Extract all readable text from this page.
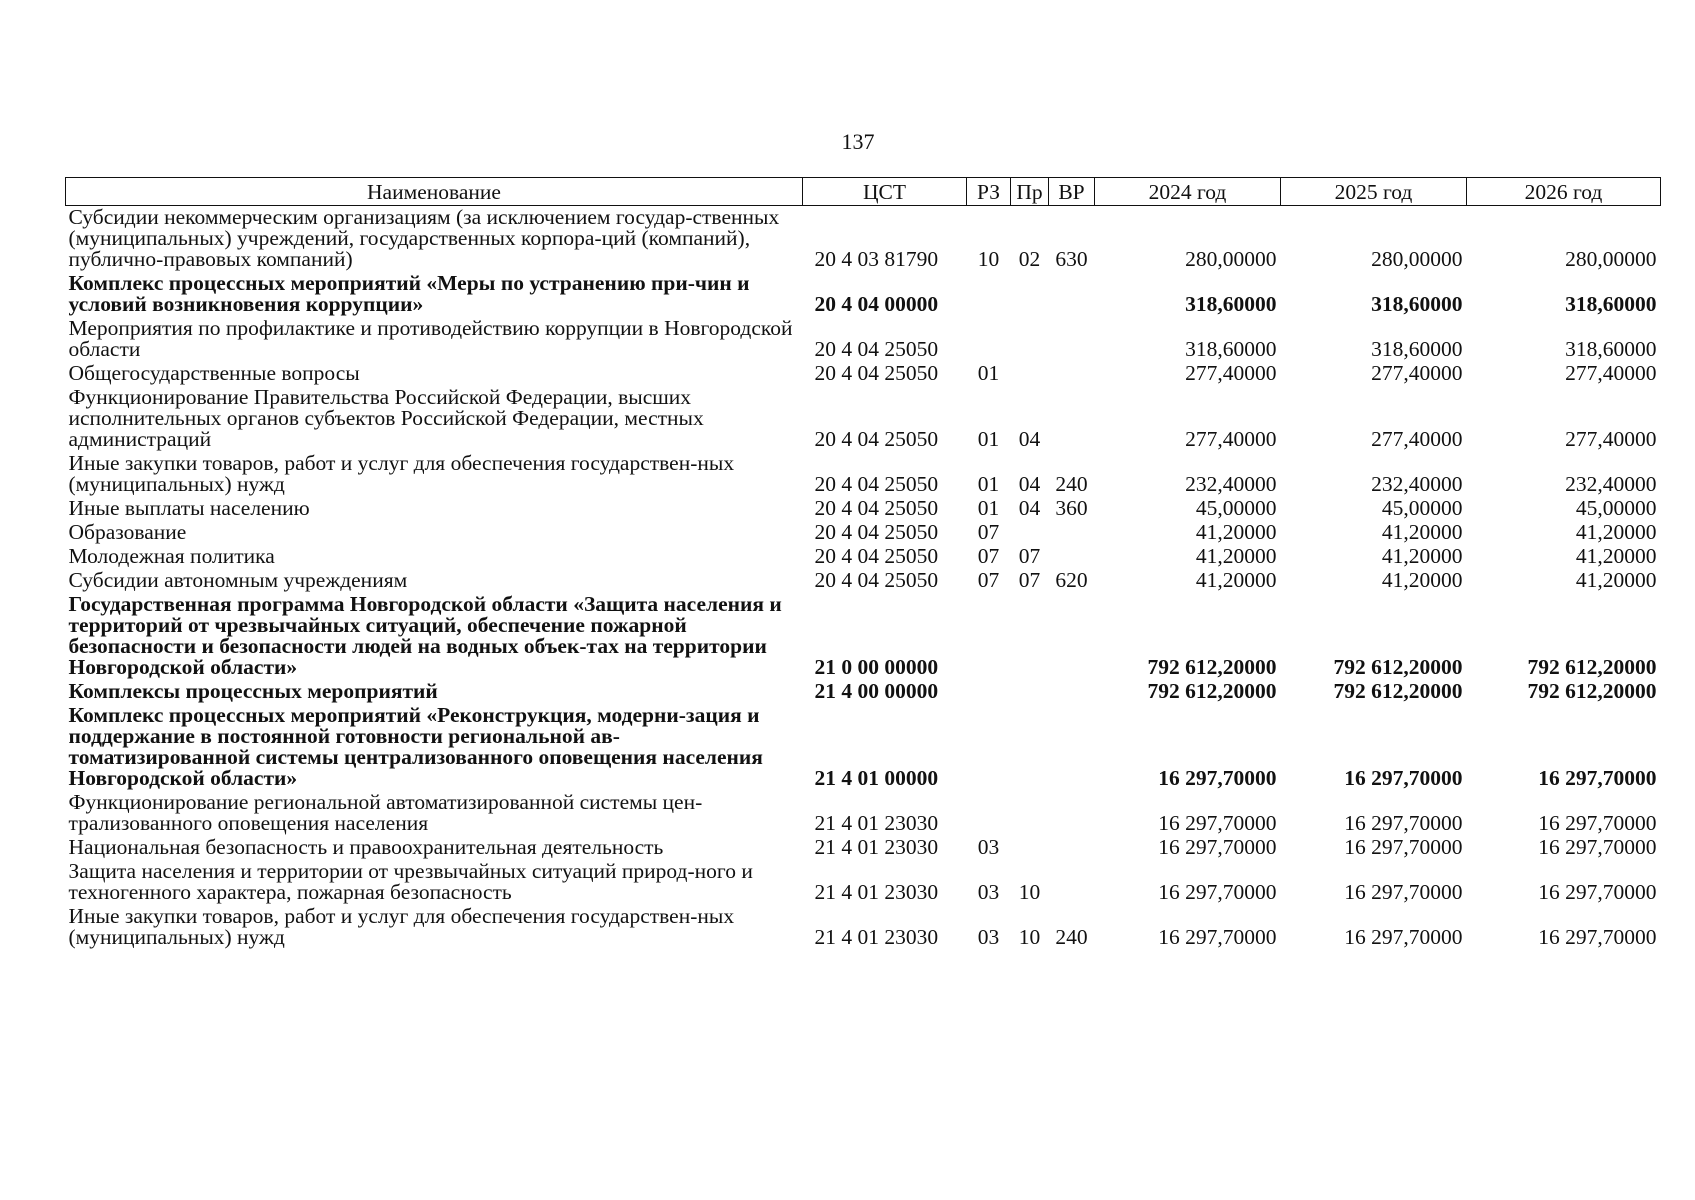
137
Наименование	ЦСТ	РЗ	Пр	ВР	2024 год	2025 год	2026 год
Субсидии некоммерческим организациям (за исключением государ-ственных (муниципальных) учреждений, государственных корпора-ций (компаний), публично-правовых компаний)	20 4 03 81790	10	02	630	280,00000	280,00000	280,00000
Комплекс процессных мероприятий «Меры по устранению при-чин и условий возникновения коррупции»	20 4 04 00000				318,60000	318,60000	318,60000
Мероприятия по профилактике и противодействию коррупции в Новгородской области	20 4 04 25050				318,60000	318,60000	318,60000
Общегосударственные вопросы	20 4 04 25050	01			277,40000	277,40000	277,40000
Функционирование Правительства Российской Федерации, высших исполнительных органов субъектов Российской Федерации, местных администраций	20 4 04 25050	01	04		277,40000	277,40000	277,40000
Иные закупки товаров, работ и услуг для обеспечения государствен-ных (муниципальных) нужд	20 4 04 25050	01	04	240	232,40000	232,40000	232,40000
Иные выплаты населению	20 4 04 25050	01	04	360	45,00000	45,00000	45,00000
Образование	20 4 04 25050	07			41,20000	41,20000	41,20000
Молодежная политика	20 4 04 25050	07	07		41,20000	41,20000	41,20000
Субсидии автономным учреждениям	20 4 04 25050	07	07	620	41,20000	41,20000	41,20000
Государственная программа Новгородской области «Защита населения и территорий от чрезвычайных ситуаций, обеспечение пожарной безопасности и безопасности людей на водных объек-тах на территории Новгородской области»	21 0 00 00000				792 612,20000	792 612,20000	792 612,20000
Комплексы процессных мероприятий	21 4 00 00000				792 612,20000	792 612,20000	792 612,20000
Комплекс процессных мероприятий «Реконструкция, модерни-зация и поддержание в постоянной готовности региональной ав-томатизированной системы централизованного оповещения населения Новгородской области»	21 4 01 00000				16 297,70000	16 297,70000	16 297,70000
Функционирование региональной автоматизированной системы цен-трализованного оповещения населения	21 4 01 23030				16 297,70000	16 297,70000	16 297,70000
Национальная безопасность и правоохранительная деятельность	21 4 01 23030	03			16 297,70000	16 297,70000	16 297,70000
Защита населения и территории от чрезвычайных ситуаций природ-ного и техногенного характера, пожарная безопасность	21 4 01 23030	03	10		16 297,70000	16 297,70000	16 297,70000
Иные закупки товаров, работ и услуг для обеспечения государствен-ных (муниципальных) нужд	21 4 01 23030	03	10	240	16 297,70000	16 297,70000	16 297,70000
